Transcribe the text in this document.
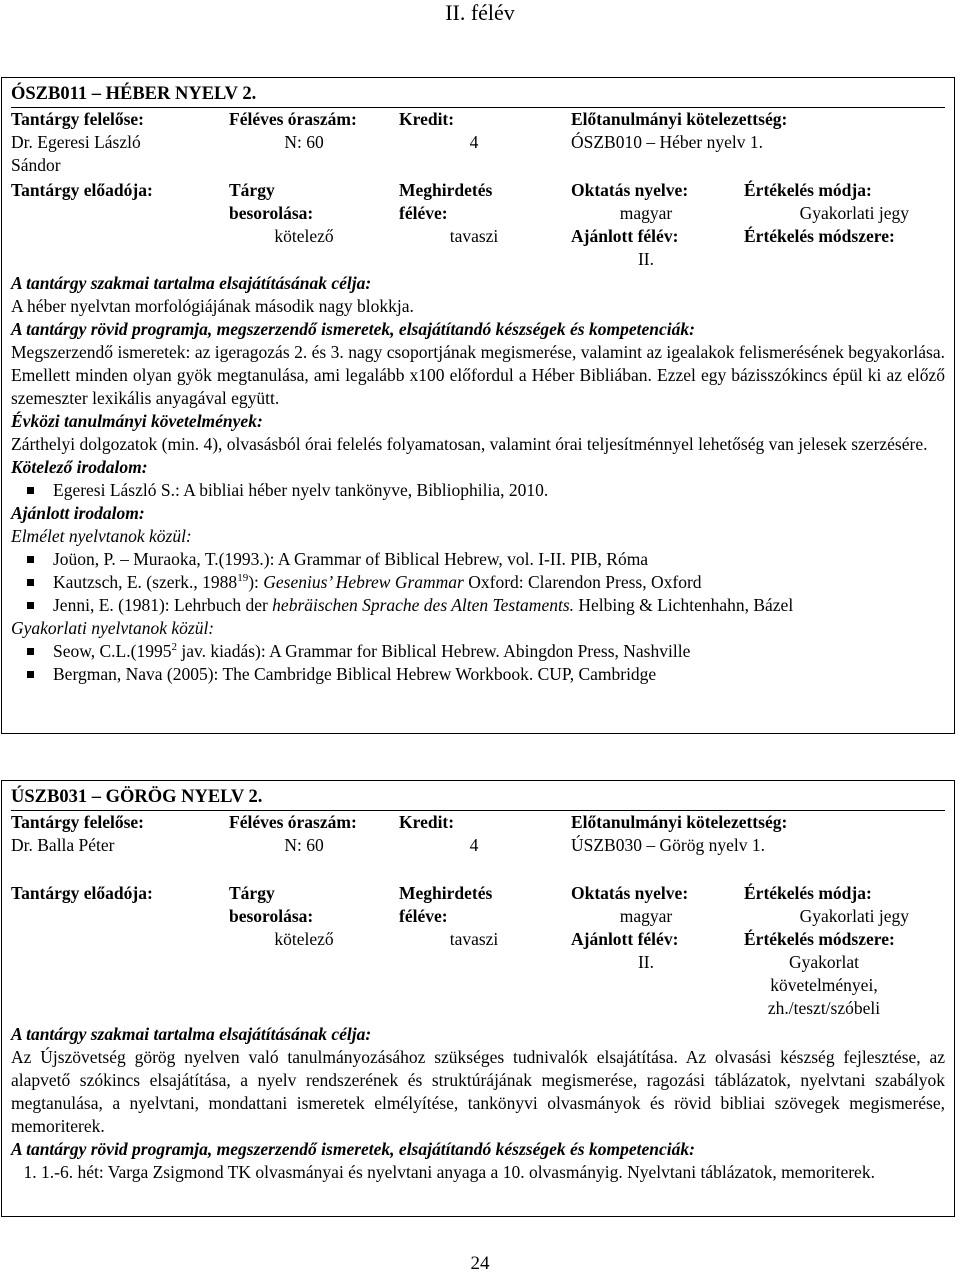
II. félév
ÓSZB011 – HÉBER NYELV 2.
Tantárgy felelőse:
Dr. Egeresi László
Sándor
Féléves óraszám:
N: 60
Kredit:
4
Előtanulmányi kötelezettség:
ÓSZB010 – Héber nyelv 1.
Tantárgy előadója:	Tárgy
besorolása:
kötelező
Meghirdetés
féléve:
tavaszi
Oktatás nyelve:
magyar
Ajánlott félév:
II.
Értékelés módja:
Gyakorlati jegy
Értékelés módszere:
A tantárgy szakmai tartalma elsajátításának célja:
A héber nyelvtan morfológiájának második nagy blokkja.
A tantárgy rövid programja, megszerzendő ismeretek, elsajátítandó készségek és kompetenciák:
Megszerzendő ismeretek: az igeragozás 2. és 3. nagy csoportjának megismerése, valamint az igealakok felismerésének begyakorlása. Emellett minden olyan gyök megtanulása, ami legalább x100 előfordul a Héber Bibliában. Ezzel egy bázisszókincs épül ki az előző szemeszter lexikális anyagával együtt.
Évközi tanulmányi követelmények:
Zárthelyi dolgozatok (min. 4), olvasásból órai felelés folyamatosan, valamint órai teljesítménnyel lehetőség van jelesek szerzésére.
Kötelező irodalom:
Egeresi László S.: A bibliai héber nyelv tankönyve, Bibliophilia, 2010.
Ajánlott irodalom:
Elmélet nyelvtanok közül:
Joüon, P. – Muraoka, T.(1993.): A Grammar of Biblical Hebrew, vol. I-II. PIB, Róma
Kautzsch, E. (szerk., 1988$^{19}$): Gesenius’ Hebrew Grammar Oxford: Clarendon Press, Oxford
Jenni, E. (1981): Lehrbuch der hebräischen Sprache des Alten Testaments. Helbing & Lichtenhahn, Bázel
Gyakorlati nyelvtanok közül:
Seow, C.L.(1995$^2$ jav. kiadás): A Grammar for Biblical Hebrew. Abingdon Press, Nashville
Bergman, Nava (2005): The Cambridge Biblical Hebrew Workbook. CUP, Cambridge
ÚSZB031 – GÖRÖG NYELV 2.
Tantárgy felelőse:
Dr. Balla Péter
Féléves óraszám:
N: 60
Kredit:
4
Előtanulmányi kötelezettség:
ÚSZB030 – Görög nyelv 1.
Tantárgy előadója:	Tárgy
besorolása:
kötelező
Meghirdetés
féléve:
tavaszi
Oktatás nyelve:
magyar
Ajánlott félév:
II.
Értékelés módja:
Gyakorlati jegy
Értékelés módszere:
Gyakorlat
követelményei,
zh./teszt/szóbeli
A tantárgy szakmai tartalma elsajátításának célja:
Az Újszövetség görög nyelven való tanulmányozásához szükséges tudnivalók elsajátítása. Az olvasási készség fejlesztése, az alapvető szókincs elsajátítása, a nyelv rendszerének és struktúrájának megismerése, ragozási táblázatok, nyelvtani szabályok megtanulása, a nyelvtani, mondattani ismeretek elmélyítése, tankönyvi olvasmányok és rövid bibliai szövegek megismerése, memoriterek.
A tantárgy rövid programja, megszerzendő ismeretek, elsajátítandó készségek és kompetenciák:
1. 1.-6. hét: Varga Zsigmond TK olvasmányai és nyelvtani anyaga a 10. olvasmányig. Nyelvtani táblázatok, memoriterek.
24
